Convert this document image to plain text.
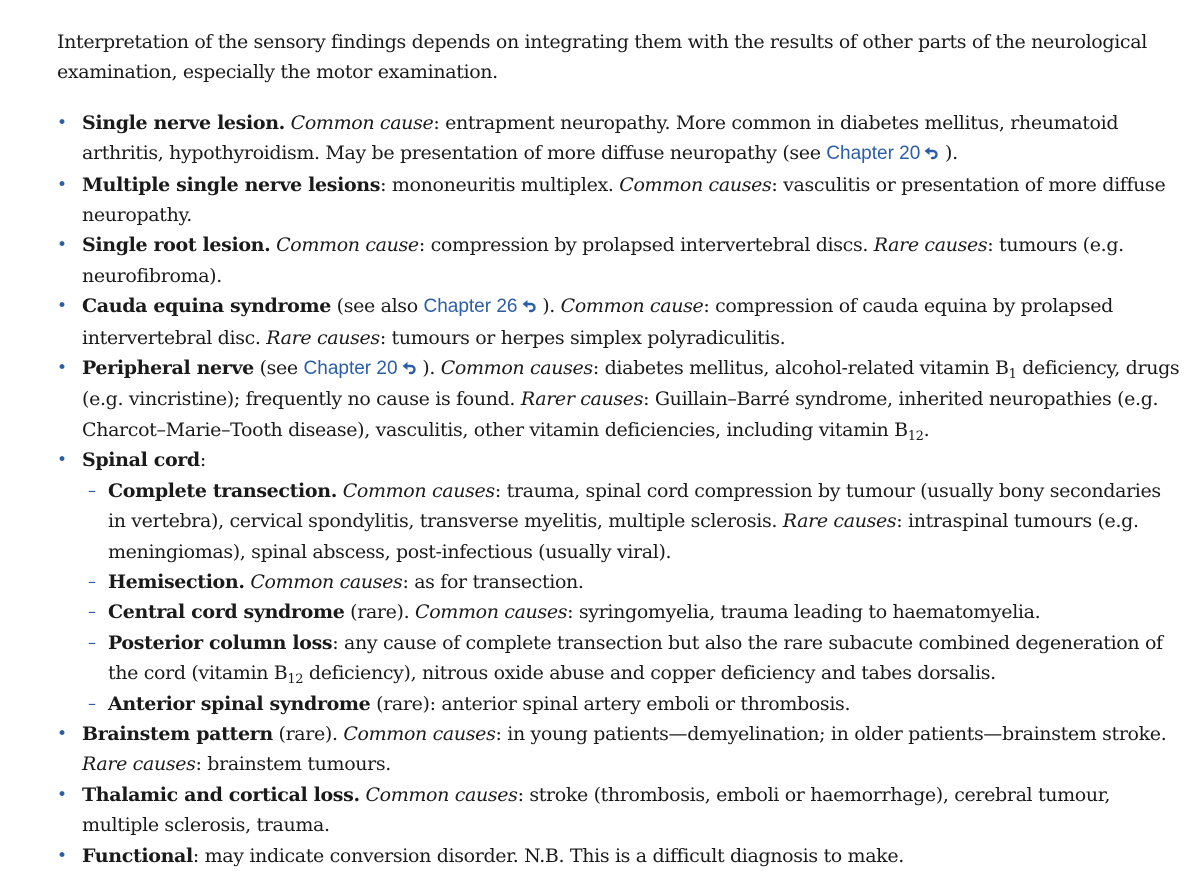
Interpretation of the sensory findings depends on integrating them with the results of other parts of the neurological examination, especially the motor examination.

• Single nerve lesion. Common cause: entrapment neuropathy. More common in diabetes mellitus, rheumatoid arthritis, hypothyroidism. May be presentation of more diffuse neuropathy (see Chapter 20 ).
• Multiple single nerve lesions: mononeuritis multiplex. Common causes: vasculitis or presentation of more diffuse neuropathy.
• Single root lesion. Common cause: compression by prolapsed intervertebral discs. Rare causes: tumours (e.g. neurofibroma).
• Cauda equina syndrome (see also Chapter 26 ). Common cause: compression of cauda equina by prolapsed intervertebral disc. Rare causes: tumours or herpes simplex polyradiculitis.
• Peripheral nerve (see Chapter 20 ). Common causes: diabetes mellitus, alcohol-related vitamin $B_1$ deficiency, drugs (e.g. vincristine); frequently no cause is found. Rarer causes: Guillain–Barré syndrome, inherited neuropathies (e.g. Charcot–Marie–Tooth disease), vasculitis, other vitamin deficiencies, including vitamin $B_{12}$.
• Spinal cord:
– Complete transection. Common causes: trauma, spinal cord compression by tumour (usually bony secondaries in vertebra), cervical spondylitis, transverse myelitis, multiple sclerosis. Rare causes: intraspinal tumours (e.g. meningiomas), spinal abscess, post-infectious (usually viral).
– Hemisection. Common causes: as for transection.
– Central cord syndrome (rare). Common causes: syringomyelia, trauma leading to haematomyelia.
– Posterior column loss: any cause of complete transection but also the rare subacute combined degeneration of the cord (vitamin $B_{12}$ deficiency), nitrous oxide abuse and copper deficiency and tabes dorsalis.
– Anterior spinal syndrome (rare): anterior spinal artery emboli or thrombosis.
• Brainstem pattern (rare). Common causes: in young patients—demyelination; in older patients—brainstem stroke. Rare causes: brainstem tumours.
• Thalamic and cortical loss. Common causes: stroke (thrombosis, emboli or haemorrhage), cerebral tumour, multiple sclerosis, trauma.
• Functional: may indicate conversion disorder. N.B. This is a difficult diagnosis to make.
